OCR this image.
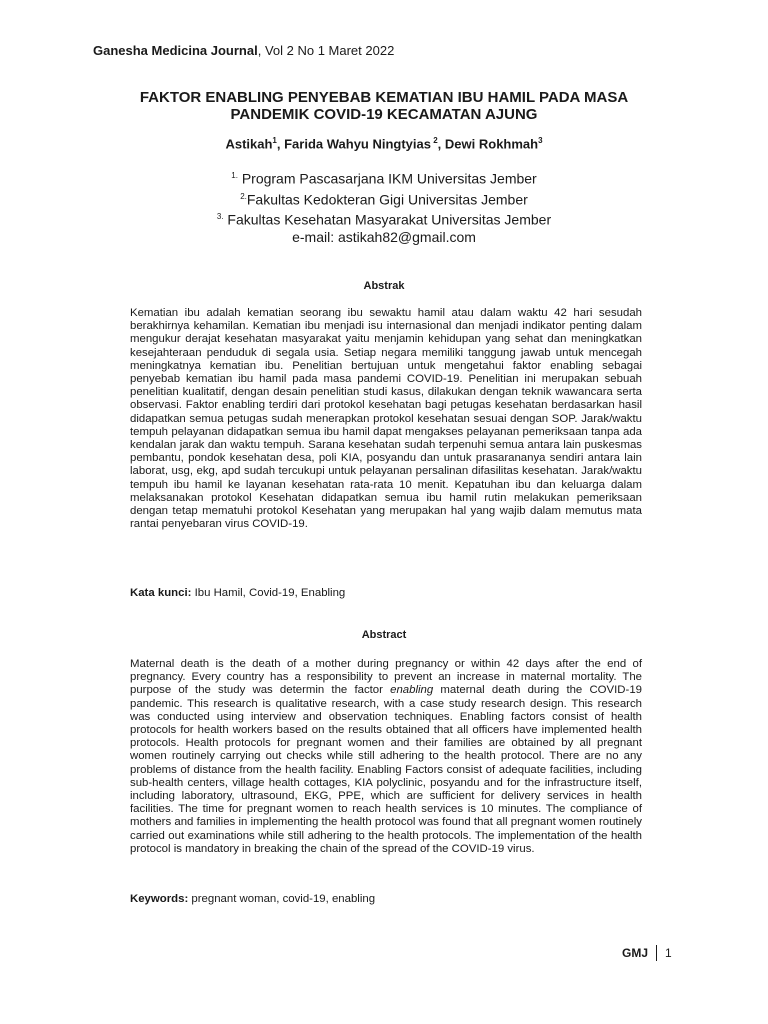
Ganesha Medicina Journal, Vol 2 No 1 Maret 2022
FAKTOR ENABLING PENYEBAB KEMATIAN IBU HAMIL PADA MASA
PANDEMIK COVID-19 KECAMATAN AJUNG
Astikah$^1$, Farida Wahyu Ningtyias $^2$, Dewi Rokhmah$^3$
$^{1.}$ Program Pascasarjana IKM Universitas Jember
$^{2.}$Fakultas Kedokteran Gigi Universitas Jember
$^{3.}$ Fakultas Kesehatan Masyarakat Universitas Jember
e-mail: astikah82@gmail.com
Abstrak
Kematian ibu adalah kematian seorang ibu sewaktu hamil atau dalam waktu 42 hari sesudah berakhirnya kehamilan. Kematian ibu menjadi isu internasional dan menjadi indikator penting dalam mengukur derajat kesehatan masyarakat yaitu menjamin kehidupan yang sehat dan meningkatkan kesejahteraan penduduk di segala usia. Setiap negara memiliki tanggung jawab untuk mencegah meningkatnya kematian ibu. Penelitian bertujuan untuk mengetahui faktor enabling sebagai penyebab kematian ibu hamil pada masa pandemi COVID-19. Penelitian ini merupakan sebuah penelitian kualitatif, dengan desain penelitian studi kasus, dilakukan dengan teknik wawancara serta observasi. Faktor enabling terdiri dari protokol kesehatan bagi petugas kesehatan berdasarkan hasil didapatkan semua petugas sudah menerapkan protokol kesehatan sesuai dengan SOP. Jarak/waktu tempuh pelayanan didapatkan semua ibu hamil dapat mengakses pelayanan pemeriksaan tanpa ada kendalan jarak dan waktu tempuh. Sarana kesehatan sudah terpenuhi semua antara lain puskesmas pembantu, pondok kesehatan desa, poli KIA, posyandu dan untuk prasarananya sendiri antara lain laborat, usg, ekg, apd sudah tercukupi untuk pelayanan persalinan difasilitas kesehatan. Jarak/waktu tempuh ibu hamil ke layanan kesehatan rata-rata 10 menit. Kepatuhan ibu dan keluarga dalam melaksanakan protokol Kesehatan didapatkan semua ibu hamil rutin melakukan pemeriksaan dengan tetap mematuhi protokol Kesehatan yang merupakan hal yang wajib dalam memutus mata rantai penyebaran virus COVID-19.
Kata kunci: Ibu Hamil, Covid-19, Enabling
Abstract
Maternal death is the death of a mother during pregnancy or within 42 days after the end of pregnancy. Every country has a responsibility to prevent an increase in maternal mortality. The purpose of the study was determin the factor enabling maternal death during the COVID-19 pandemic. This research is qualitative research, with a case study research design. This research was conducted using interview and observation techniques. Enabling factors consist of health protocols for health workers based on the results obtained that all officers have implemented health protocols. Health protocols for pregnant women and their families are obtained by all pregnant women routinely carrying out checks while still adhering to the health protocol. There are no any problems of distance from the health facility. Enabling Factors consist of adequate facilities, including sub-health centers, village health cottages, KIA polyclinic, posyandu and for the infrastructure itself, including laboratory, ultrasound, EKG, PPE, which are sufficient for delivery services in health facilities. The time for pregnant women to reach health services is 10 minutes. The compliance of mothers and families in implementing the health protocol was found that all pregnant women routinely carried out examinations while still adhering to the health protocols. The implementation of the health protocol is mandatory in breaking the chain of the spread of the COVID-19 virus.
Keywords: pregnant woman, covid-19, enabling
GMJ 1
